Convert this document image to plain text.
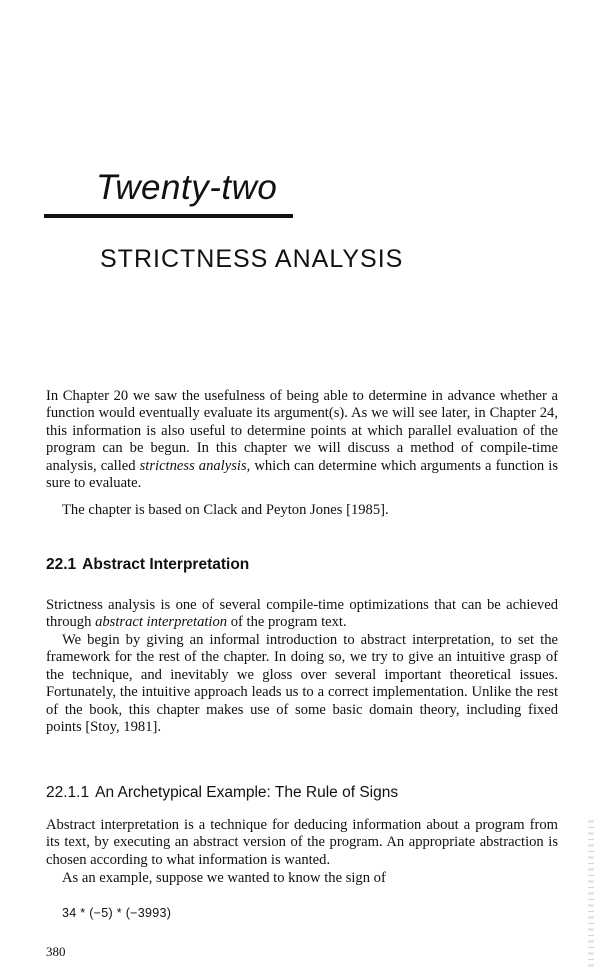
Twenty-two
STRICTNESS ANALYSIS

In Chapter 20 we saw the usefulness of being able to determine in advance whether a function would eventually evaluate its argument(s). As we will see later, in Chapter 24, this information is also useful to determine points at which parallel evaluation of the program can be begun. In this chapter we will discuss a method of compile-time analysis, called strictness analysis, which can determine which arguments a function is sure to evaluate.

The chapter is based on Clack and Peyton Jones [1985].

22.1 Abstract Interpretation

Strictness analysis is one of several compile-time optimizations that can be achieved through abstract interpretation of the program text.

We begin by giving an informal introduction to abstract interpretation, to set the framework for the rest of the chapter. In doing so, we try to give an intuitive grasp of the technique, and inevitably we gloss over several important theoretical issues. Fortunately, the intuitive approach leads us to a correct implementation. Unlike the rest of the book, this chapter makes use of some basic domain theory, including fixed points [Stoy, 1981].

22.1.1 An Archetypical Example: The Rule of Signs

Abstract interpretation is a technique for deducing information about a program from its text, by executing an abstract version of the program. An appropriate abstraction is chosen according to what information is wanted.

As an example, suppose we wanted to know the sign of

34 * (−5) * (−3993)

380
